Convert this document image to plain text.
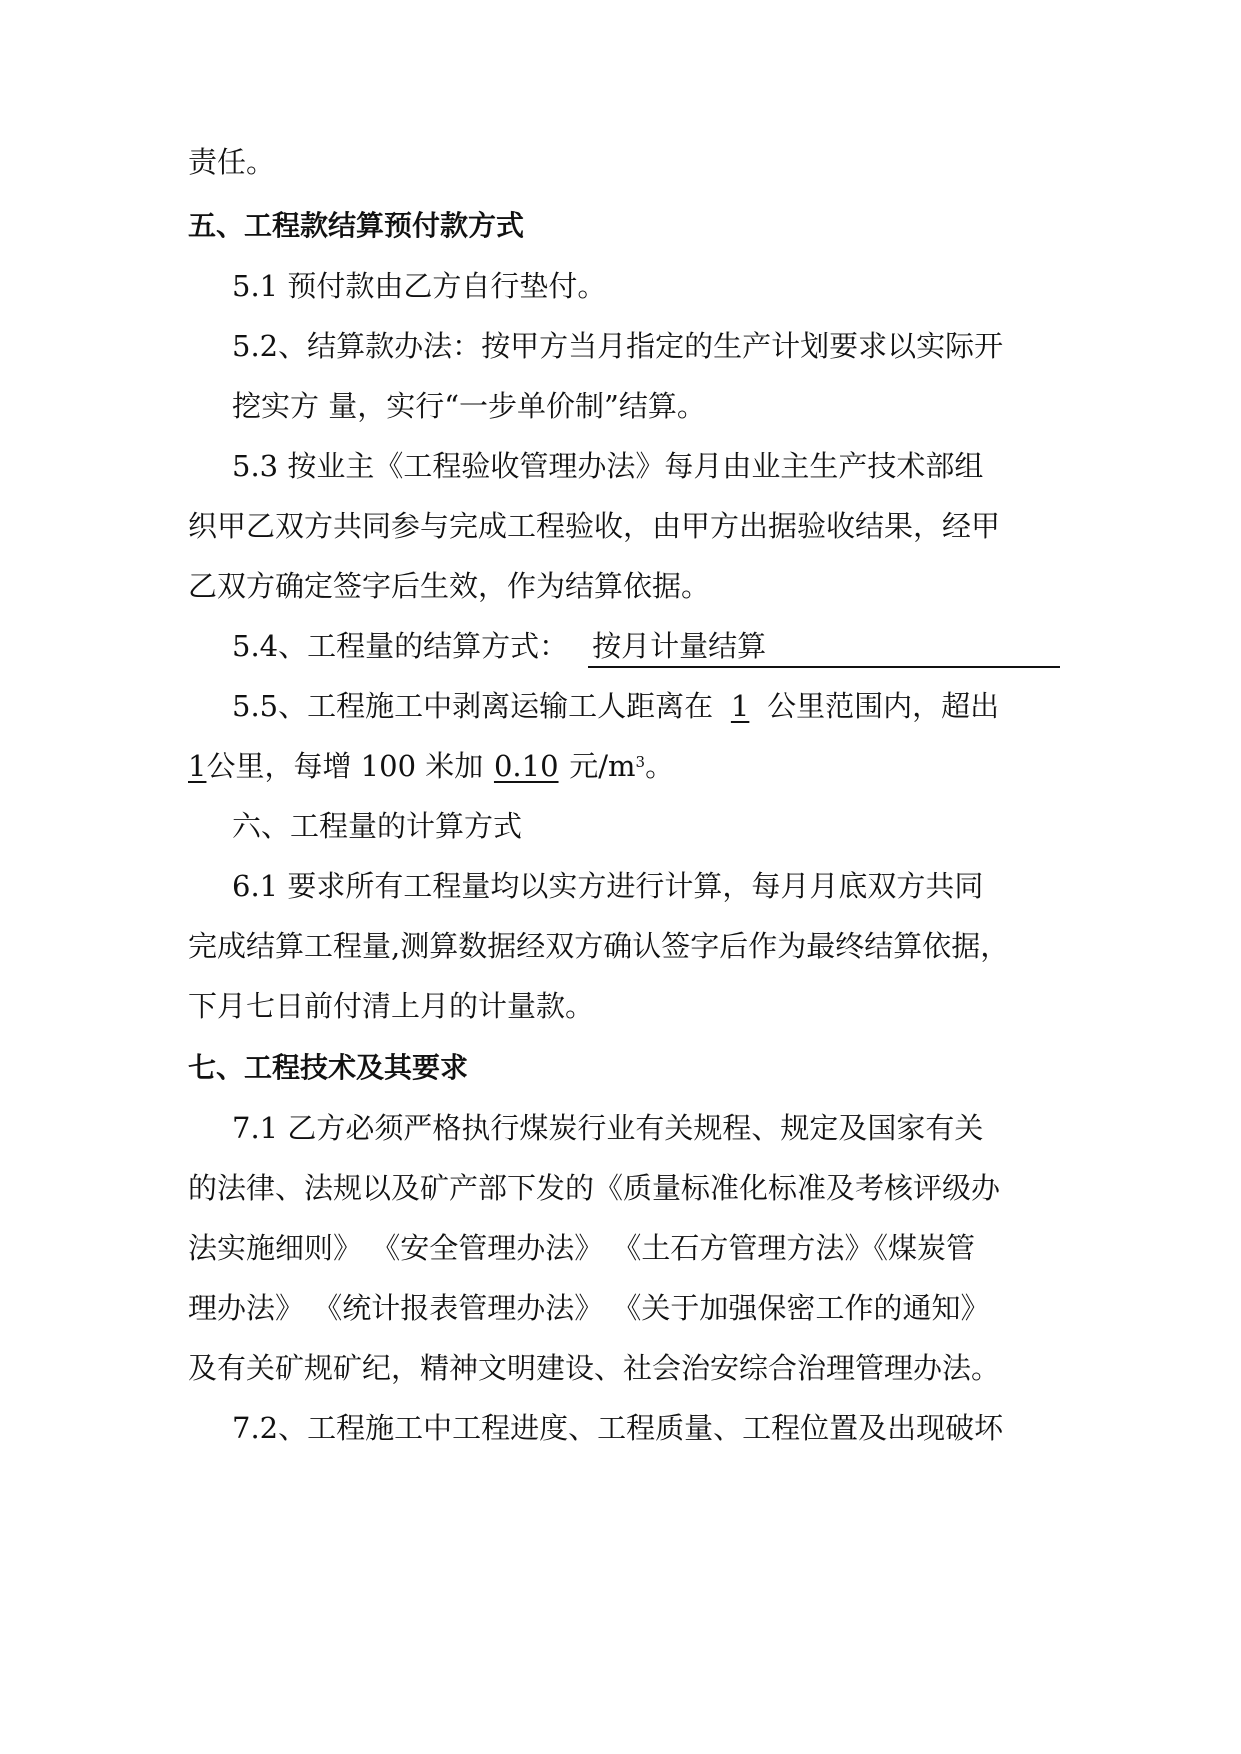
责任。
五、工程款结算预付款方式
5.1 预付款由乙方自行垫付。
5.2、结算款办法：按甲方当月指定的生产计划要求以实际开
挖实方 量，实行“一步单价制”结算。
5.3 按业主《工程验收管理办法》每月由业主生产技术部组
织甲乙双方共同参与完成工程验收，由甲方出据验收结果，经甲
乙双方确定签字后生效，作为结算依据。
5.4、工程量的结算方式： 按月计量结算
5.5、工程施工中剥离运输工人距离在 1 公里范围内，超出
1公里，每增 100 米加 0.10 元$/m^3$。
六、工程量的计算方式
6.1 要求所有工程量均以实方进行计算，每月月底双方共同
完成结算工程量,测算数据经双方确认签字后作为最终结算依据，
下月七日前付清上月的计量款。
七、工程技术及其要求
7.1 乙方必须严格执行煤炭行业有关规程、规定及国家有关
的法律、法规以及矿产部下发的《质量标准化标准及考核评级办
法实施细则》 《安全管理办法》 《土石方管理方法》《煤炭管
理办法》 《统计报表管理办法》 《关于加强保密工作的通知》
及有关矿规矿纪，精神文明建设、社会治安综合治理管理办法。
7.2、工程施工中工程进度、工程质量、工程位置及出现破坏
